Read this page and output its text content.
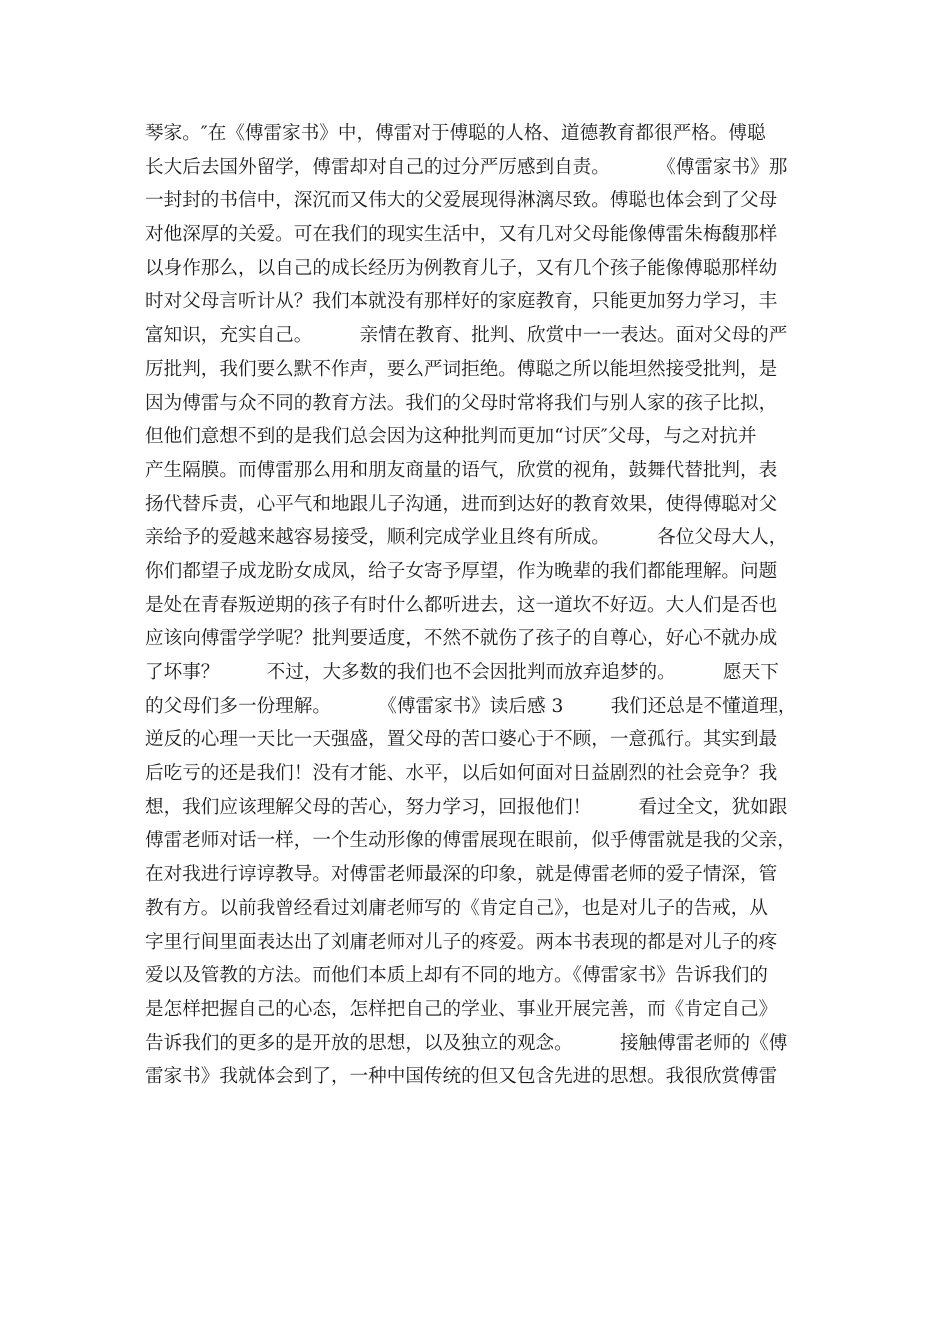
琴家。″在《傅雷家书》中，傅雷对于傅聪的人格、道德教育都很严格。傅聪
长大后去国外留学，傅雷却对自己的过分严厉感到自责。        《傅雷家书》那
一封封的书信中，深沉而又伟大的父爱展现得淋漓尽致。傅聪也体会到了父母
对他深厚的关爱。可在我们的现实生活中，又有几对父母能像傅雷朱梅馥那样
以身作那么，以自己的成长经历为例教育儿子，又有几个孩子能像傅聪那样幼
时对父母言听计从？我们本就没有那样好的家庭教育，只能更加努力学习，丰
富知识，充实自己。        亲情在教育、批判、欣赏中一一表达。面对父母的严
厉批判，我们要么默不作声，要么严词拒绝。傅聪之所以能坦然接受批判，是
因为傅雷与众不同的教育方法。我们的父母时常将我们与别人家的孩子比拟，
但他们意想不到的是我们总会因为这种批判而更加“讨厌″父母，与之对抗并
产生隔膜。而傅雷那么用和朋友商量的语气，欣赏的视角，鼓舞代替批判，表
扬代替斥责，心平气和地跟儿子沟通，进而到达好的教育效果，使得傅聪对父
亲给予的爱越来越容易接受，顺利完成学业且终有所成。        各位父母大人，
你们都望子成龙盼女成凤，给子女寄予厚望，作为晚辈的我们都能理解。问题
是处在青春叛逆期的孩子有时什么都听进去，这一道坎不好迈。大人们是否也
应该向傅雷学学呢？批判要适度，不然不就伤了孩子的自尊心，好心不就办成
了坏事？        不过，大多数的我们也不会因批判而放弃追梦的。        愿天下
的父母们多一份理解。        《傅雷家书》读后感 3        我们还总是不懂道理，
逆反的心理一天比一天强盛，置父母的苦口婆心于不顾，一意孤行。其实到最
后吃亏的还是我们！没有才能、水平，以后如何面对日益剧烈的社会竞争？我
想，我们应该理解父母的苦心，努力学习，回报他们！        看过全文，犹如跟
傅雷老师对话一样，一个生动形像的傅雷展现在眼前，似乎傅雷就是我的父亲，
在对我进行谆谆教导。对傅雷老师最深的印象，就是傅雷老师的爱子情深，管
教有方。以前我曾经看过刘庸老师写的《肯定自己》，也是对儿子的告戒，从
字里行间里面表达出了刘庸老师对儿子的疼爱。两本书表现的都是对儿子的疼
爱以及管教的方法。而他们本质上却有不同的地方。《傅雷家书》告诉我们的
是怎样把握自己的心态，怎样把自己的学业、事业开展完善，而《肯定自己》
告诉我们的更多的是开放的思想，以及独立的观念。        接触傅雷老师的《傅
雷家书》我就体会到了，一种中国传统的但又包含先进的思想。我很欣赏傅雷
